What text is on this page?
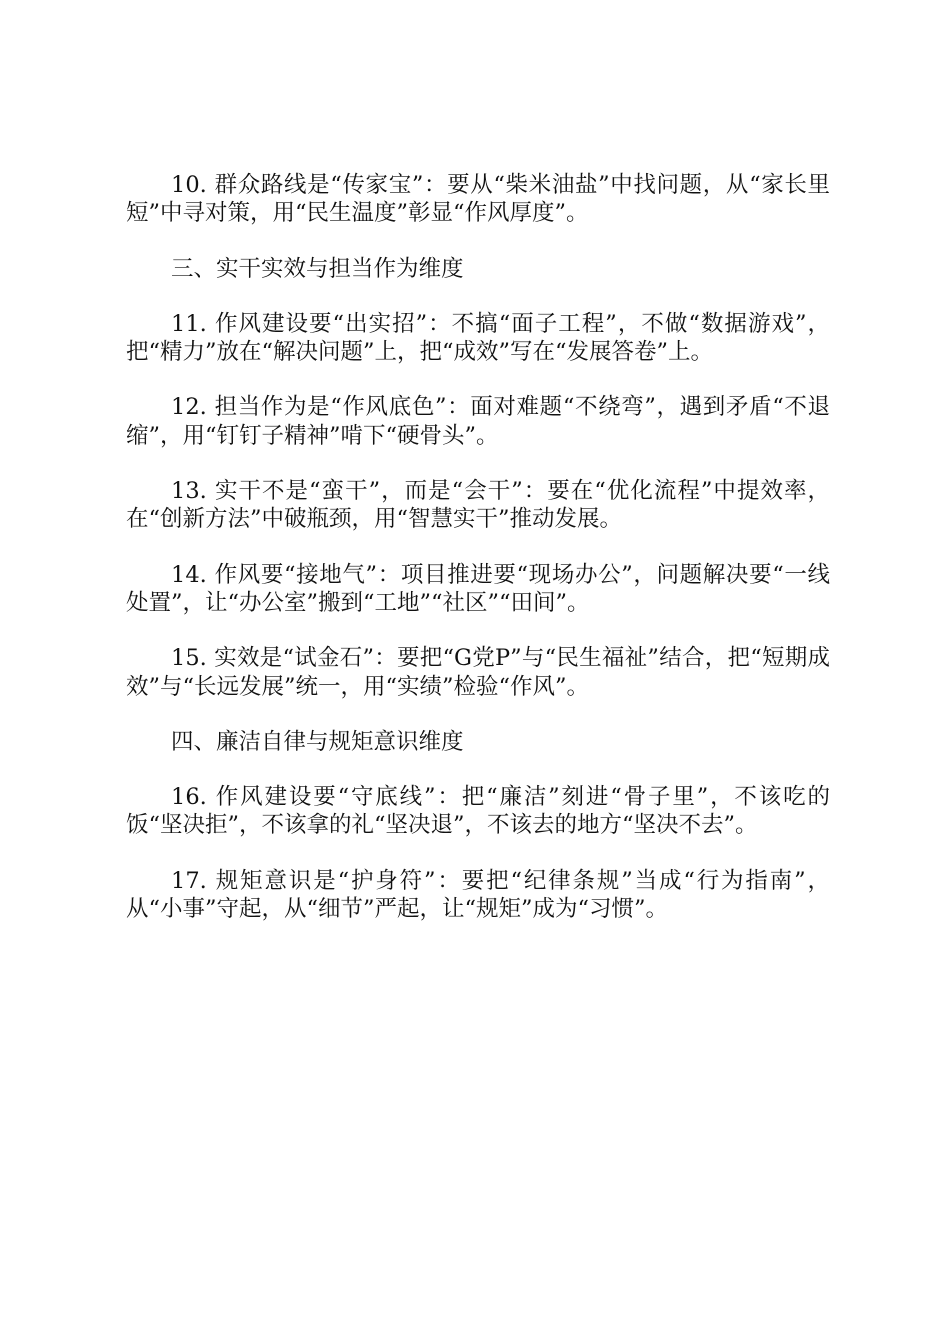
10. 群众路线是“传家宝”：要从“柴米油盐”中找问题，从“家长里短”中寻对策，用“民生温度”彰显“作风厚度”。

三、实干实效与担当作为维度

11. 作风建设要“出实招”：不搞“面子工程”，不做“数据游戏”，把“精力”放在“解决问题”上，把“成效”写在“发展答卷”上。

12. 担当作为是“作风底色”：面对难题“不绕弯”，遇到矛盾“不退缩”，用“钉钉子精神”啃下“硬骨头”。

13. 实干不是“蛮干”，而是“会干”：要在“优化流程”中提效率，在“创新方法”中破瓶颈，用“智慧实干”推动发展。

14. 作风要“接地气”：项目推进要“现场办公”，问题解决要“一线处置”，让“办公室”搬到“工地”“社区”“田间”。

15. 实效是“试金石”：要把“G党P”与“民生福祉”结合，把“短期成效”与“长远发展”统一，用“实绩”检验“作风”。

四、廉洁自律与规矩意识维度

16. 作风建设要“守底线”：把“廉洁”刻进“骨子里”，不该吃的饭“坚决拒”，不该拿的礼“坚决退”，不该去的地方“坚决不去”。

17. 规矩意识是“护身符”：要把“纪律条规”当成“行为指南”，从“小事”守起，从“细节”严起，让“规矩”成为“习惯”。
